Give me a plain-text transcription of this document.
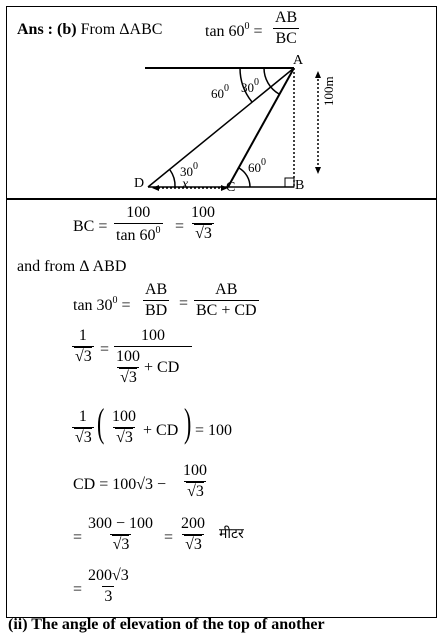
Ans : (b) From ΔABC	$\tan 60^0 = \frac{AB}{BC}$
A
B
C
D
$60^0$ $30^0$
$30^0$	$60^0$
100m
x
BC = $\frac{100}{\tan 60^0} = \frac{100}{√3}$
and from Δ ABD
$\tan 30^0 = \frac{AB}{BD} = \frac{AB}{BC + CD}$
$\frac{1}{√3}$ =
100
$\frac{100}{√3}$ + CD
$\frac{1}{√3}$ ( $\frac{100}{√3}$ + CD ) = 100
CD = $100√3 - \frac{100}{√3}$
= $\frac{300 - 100}{√3} = \frac{200}{√3}$ मीटर
= $\frac{200√3}{3}$
(ii) The angle of elevation of the top of another
